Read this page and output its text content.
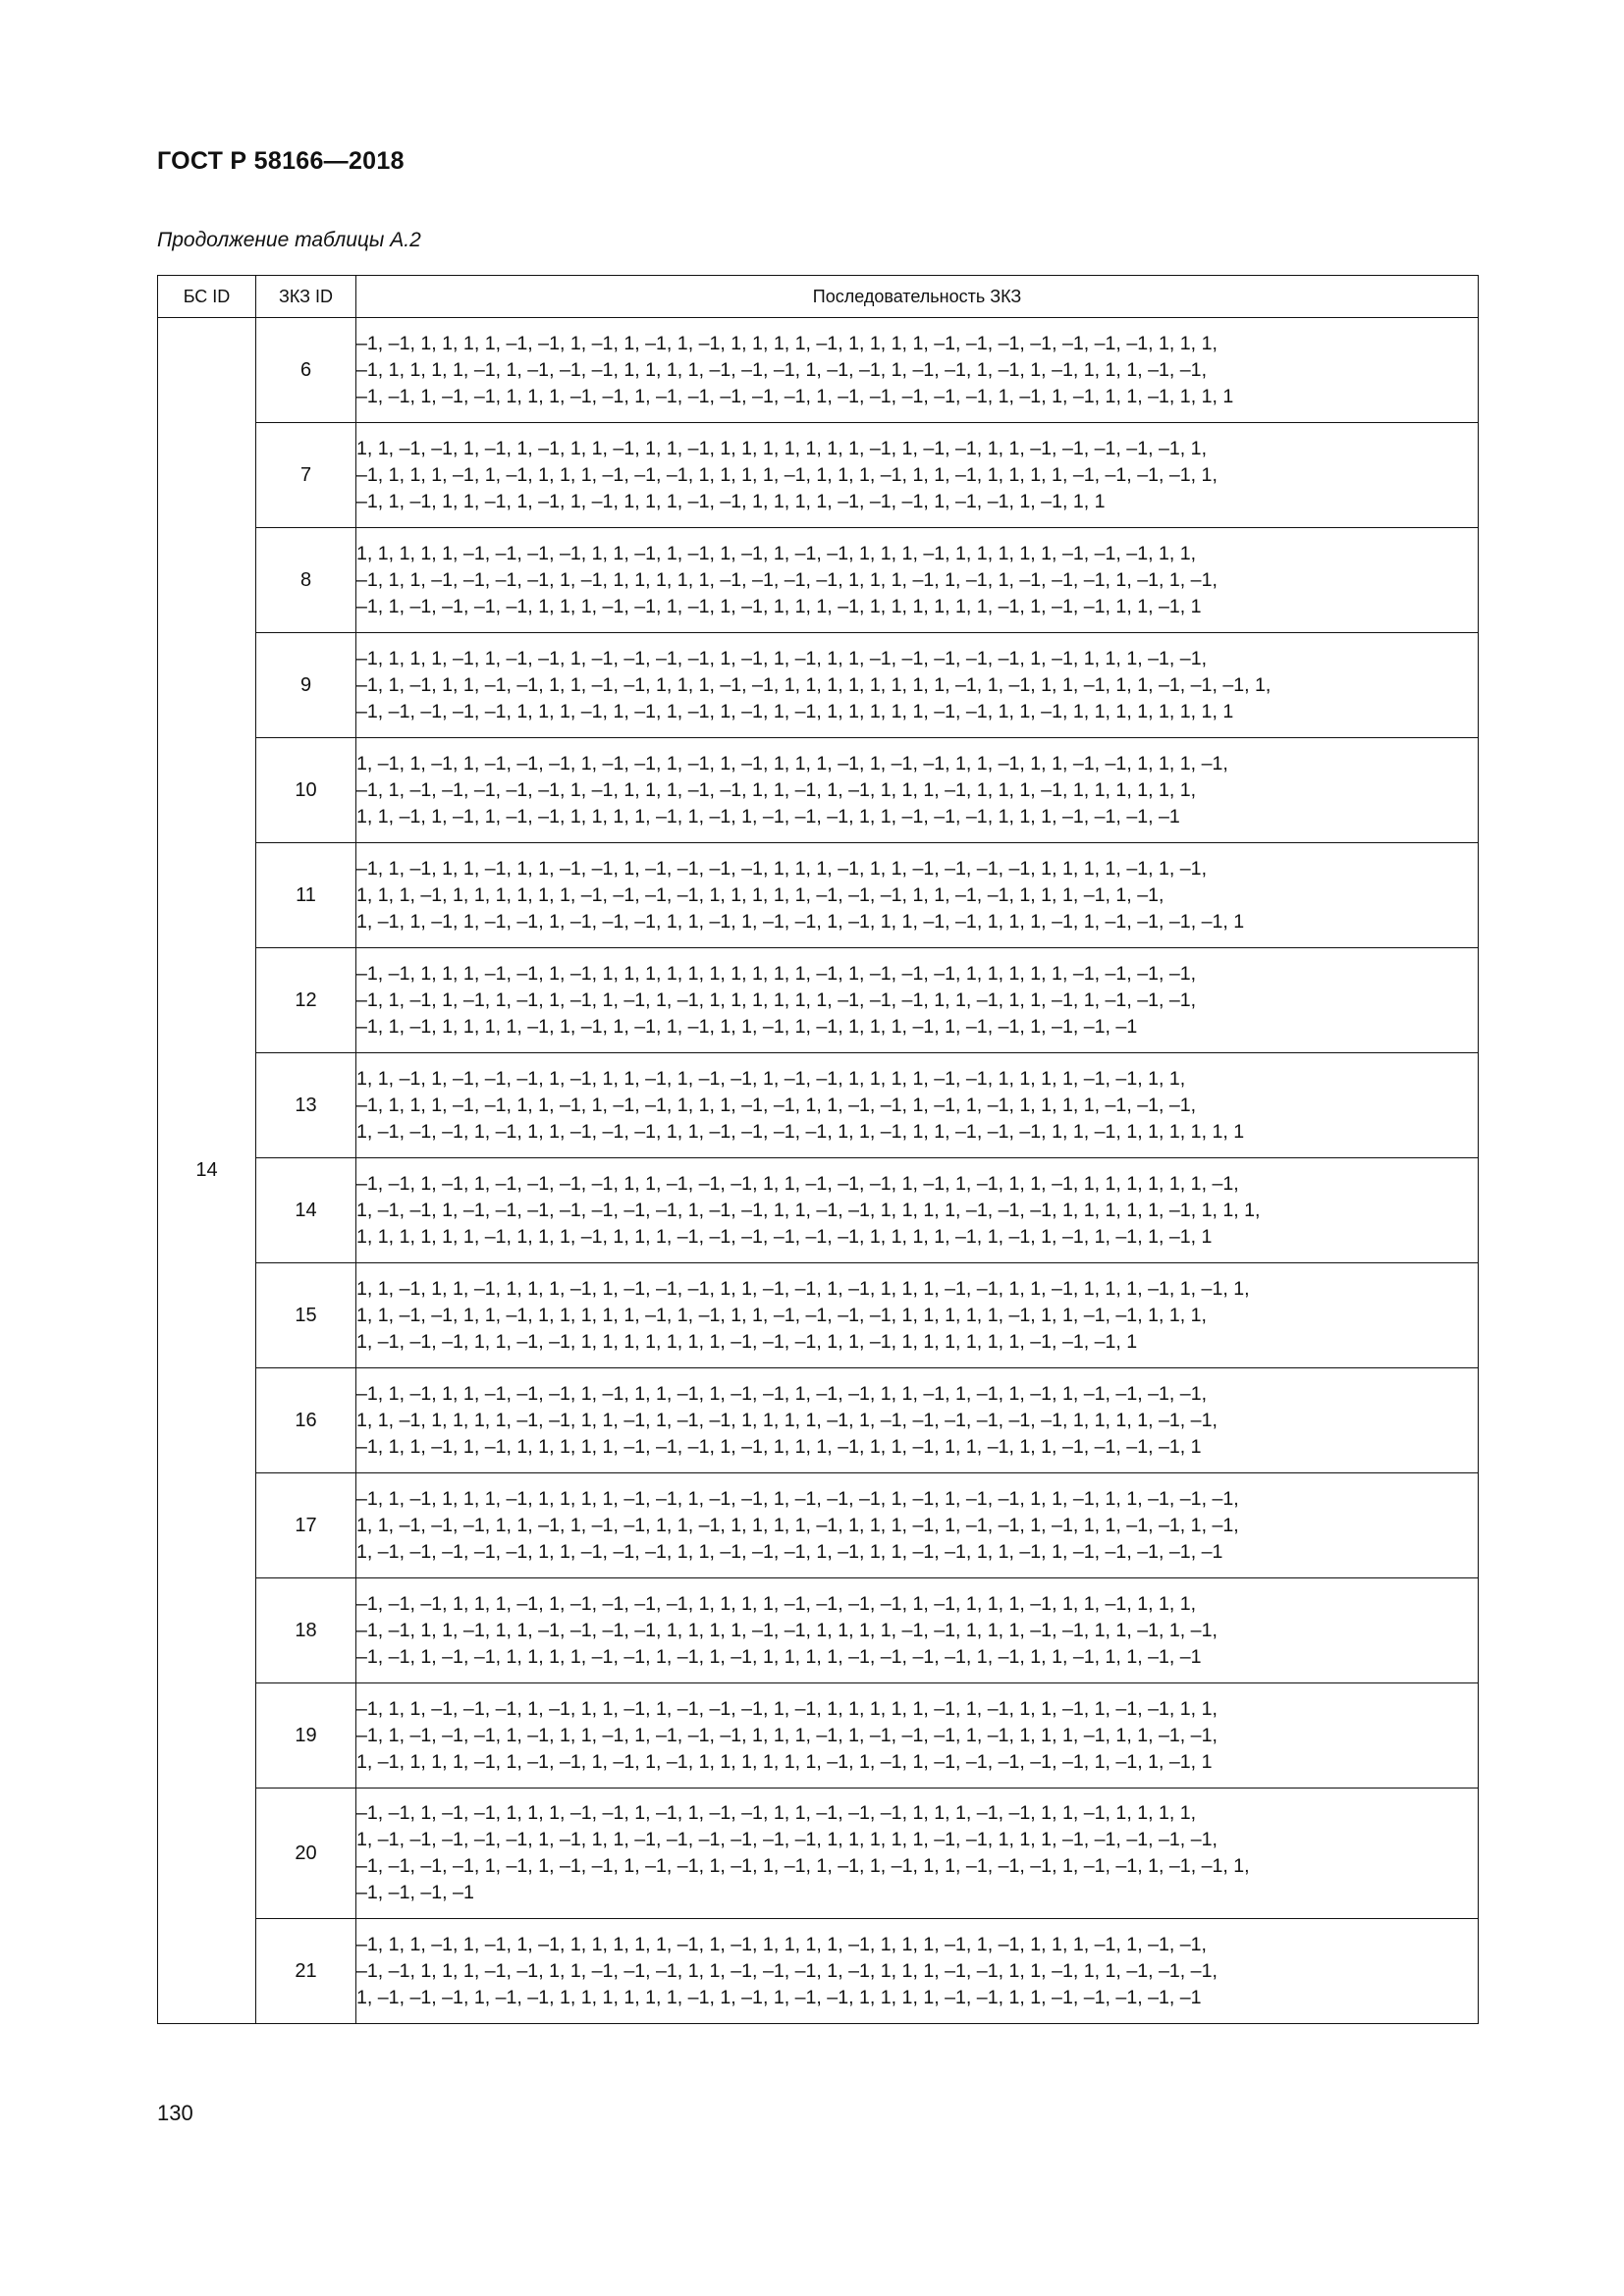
ГОСТ Р 58166—2018
Продолжение таблицы А.2
БС ID	ЗКЗ ID	Последовательность ЗКЗ
14	6	–1, –1, 1, 1, 1, 1, –1, –1, 1, –1, 1, –1, 1, –1, 1, 1, 1, 1, –1, 1, 1, 1, 1, –1, –1, –1, –1, –1, –1, –1, 1, 1, 1,
–1, 1, 1, 1, 1, –1, 1, –1, –1, –1, 1, 1, 1, 1, –1, –1, –1, 1, –1, –1, 1, –1, –1, 1, –1, 1, –1, 1, 1, 1, –1, –1,
–1, –1, 1, –1, –1, 1, 1, 1, –1, –1, 1, –1, –1, –1, –1, –1, 1, –1, –1, –1, –1, –1, 1, –1, 1, –1, 1, 1, –1, 1, 1, 1

	7	1, 1, –1, –1, 1, –1, 1, –1, 1, 1, –1, 1, 1, –1, 1, 1, 1, 1, 1, 1, 1, –1, 1, –1, –1, 1, 1, –1, –1, –1, –1, –1, 1,
–1, 1, 1, 1, –1, 1, –1, 1, 1, 1, –1, –1, –1, 1, 1, 1, 1, –1, 1, 1, 1, –1, 1, 1, –1, 1, 1, 1, 1, –1, –1, –1, –1, 1,
–1, 1, –1, 1, 1, –1, 1, –1, 1, –1, 1, 1, 1, –1, –1, 1, 1, 1, 1, –1, –1, –1, 1, –1, –1, 1, –1, 1, 1

	8	1, 1, 1, 1, 1, –1, –1, –1, –1, 1, 1, –1, 1, –1, 1, –1, 1, –1, –1, 1, 1, 1, –1, 1, 1, 1, 1, 1, –1, –1, –1, 1, 1,
–1, 1, 1, –1, –1, –1, –1, 1, –1, 1, 1, 1, 1, 1, –1, –1, –1, –1, 1, 1, 1, –1, 1, –1, 1, –1, –1, –1, 1, –1, 1, –1,
–1, 1, –1, –1, –1, –1, 1, 1, 1, –1, –1, 1, –1, 1, –1, 1, 1, 1, –1, 1, 1, 1, 1, 1, 1, –1, 1, –1, –1, 1, 1, –1, 1

	9	–1, 1, 1, 1, –1, 1, –1, –1, 1, –1, –1, –1, –1, 1, –1, 1, –1, 1, 1, –1, –1, –1, –1, –1, 1, –1, 1, 1, 1, –1, –1,
–1, 1, –1, 1, 1, –1, –1, 1, 1, –1, –1, 1, 1, 1, –1, –1, 1, 1, 1, 1, 1, 1, 1, 1, –1, 1, –1, 1, 1, –1, 1, 1, –1, –1, –1, 1,
–1, –1, –1, –1, –1, 1, 1, 1, –1, 1, –1, 1, –1, 1, –1, 1, –1, 1, 1, 1, 1, 1, –1, –1, 1, 1, –1, 1, 1, 1, 1, 1, 1, 1, 1

	10	1, –1, 1, –1, 1, –1, –1, –1, 1, –1, –1, 1, –1, 1, –1, 1, 1, 1, –1, 1, –1, –1, 1, 1, –1, 1, 1, –1, –1, 1, 1, 1, –1,
–1, 1, –1, –1, –1, –1, –1, 1, –1, 1, 1, 1, –1, –1, 1, 1, –1, 1, –1, 1, 1, 1, –1, 1, 1, 1, –1, 1, 1, 1, 1, 1, 1,
1, 1, –1, 1, –1, 1, –1, –1, 1, 1, 1, 1, –1, 1, –1, 1, –1, –1, –1, 1, 1, –1, –1, –1, 1, 1, 1, –1, –1, –1, –1

	11	–1, 1, –1, 1, 1, –1, 1, 1, –1, –1, 1, –1, –1, –1, –1, 1, 1, 1, –1, 1, 1, –1, –1, –1, –1, 1, 1, 1, 1, –1, 1, –1,
1, 1, 1, –1, 1, 1, 1, 1, 1, 1, –1, –1, –1, –1, 1, 1, 1, 1, 1, –1, –1, –1, 1, 1, –1, –1, 1, 1, 1, –1, 1, –1,
1, –1, 1, –1, 1, –1, –1, 1, –1, –1, –1, 1, 1, –1, 1, –1, –1, 1, –1, 1, 1, –1, –1, 1, 1, 1, –1, 1, –1, –1, –1, –1, 1

	12	–1, –1, 1, 1, 1, –1, –1, 1, –1, 1, 1, 1, 1, 1, 1, 1, 1, 1, 1, –1, 1, –1, –1, –1, 1, 1, 1, 1, 1, –1, –1, –1, –1,
–1, 1, –1, 1, –1, 1, –1, 1, –1, 1, –1, 1, –1, 1, 1, 1, 1, 1, 1, –1, –1, –1, 1, 1, –1, 1, 1, –1, 1, –1, –1, –1,
–1, 1, –1, 1, 1, 1, 1, –1, 1, –1, 1, –1, 1, –1, 1, 1, –1, 1, –1, 1, 1, 1, –1, 1, –1, –1, 1, –1, –1, –1

	13	1, 1, –1, 1, –1, –1, –1, 1, –1, 1, 1, –1, 1, –1, –1, 1, –1, –1, 1, 1, 1, 1, –1, –1, 1, 1, 1, 1, –1, –1, 1, 1,
–1, 1, 1, 1, –1, –1, 1, 1, –1, 1, –1, –1, 1, 1, 1, –1, –1, 1, 1, –1, –1, 1, –1, 1, –1, 1, 1, 1, 1, –1, –1, –1,
1, –1, –1, –1, 1, –1, 1, 1, –1, –1, –1, 1, 1, –1, –1, –1, –1, 1, 1, –1, 1, 1, –1, –1, –1, 1, 1, –1, 1, 1, 1, 1, 1, 1

	14	–1, –1, 1, –1, 1, –1, –1, –1, –1, 1, 1, –1, –1, –1, 1, 1, –1, –1, –1, 1, –1, 1, –1, 1, 1, –1, 1, 1, 1, 1, 1, 1, –1,
1, –1, –1, 1, –1, –1, –1, –1, –1, –1, –1, 1, –1, –1, 1, 1, –1, –1, 1, 1, 1, 1, –1, –1, –1, 1, 1, 1, 1, 1, –1, 1, 1, 1,
1, 1, 1, 1, 1, 1, –1, 1, 1, 1, –1, 1, 1, 1, –1, –1, –1, –1, –1, –1, 1, 1, 1, 1, –1, 1, –1, 1, –1, 1, –1, 1, –1, 1

	15	1, 1, –1, 1, 1, –1, 1, 1, 1, –1, 1, –1, –1, –1, 1, 1, –1, –1, 1, –1, 1, 1, 1, –1, –1, 1, 1, –1, 1, 1, 1, –1, 1, –1, 1,
1, 1, –1, –1, 1, 1, –1, 1, 1, 1, 1, 1, –1, 1, –1, 1, 1, –1, –1, –1, –1, 1, 1, 1, 1, 1, –1, 1, 1, –1, –1, 1, 1, 1,
1, –1, –1, –1, 1, 1, –1, –1, 1, 1, 1, 1, 1, 1, 1, –1, –1, –1, 1, 1, –1, 1, 1, 1, 1, 1, 1, –1, –1, –1, 1

	16	–1, 1, –1, 1, 1, –1, –1, –1, 1, –1, 1, 1, –1, 1, –1, –1, 1, –1, –1, 1, 1, –1, 1, –1, 1, –1, 1, –1, –1, –1, –1,
1, 1, –1, 1, 1, 1, 1, –1, –1, 1, 1, –1, 1, –1, –1, 1, 1, 1, 1, –1, 1, –1, –1, –1, –1, –1, –1, 1, 1, 1, 1, –1, –1,
–1, 1, 1, –1, 1, –1, 1, 1, 1, 1, 1, –1, –1, –1, 1, –1, 1, 1, 1, –1, 1, 1, –1, 1, 1, –1, 1, 1, –1, –1, –1, –1, 1

	17	–1, 1, –1, 1, 1, 1, –1, 1, 1, 1, 1, –1, –1, 1, –1, –1, 1, –1, –1, –1, 1, –1, 1, –1, –1, 1, 1, –1, 1, 1, –1, –1, –1,
1, 1, –1, –1, –1, 1, 1, –1, 1, –1, –1, 1, 1, –1, 1, 1, 1, 1, –1, 1, 1, 1, –1, 1, –1, –1, 1, –1, 1, 1, –1, –1, 1, –1,
1, –1, –1, –1, –1, –1, 1, 1, –1, –1, –1, 1, 1, –1, –1, –1, 1, –1, 1, 1, –1, –1, 1, 1, –1, 1, –1, –1, –1, –1, –1

	18	–1, –1, –1, 1, 1, 1, –1, 1, –1, –1, –1, –1, 1, 1, 1, 1, –1, –1, –1, –1, 1, –1, 1, 1, 1, –1, 1, 1, –1, 1, 1, 1,
–1, –1, 1, 1, –1, 1, 1, –1, –1, –1, –1, 1, 1, 1, 1, –1, –1, 1, 1, 1, 1, –1, –1, 1, 1, 1, –1, –1, 1, 1, –1, 1, –1,
–1, –1, 1, –1, –1, 1, 1, 1, 1, –1, –1, 1, –1, 1, –1, 1, 1, 1, 1, –1, –1, –1, –1, 1, –1, 1, 1, –1, 1, 1, –1, –1

	19	–1, 1, 1, –1, –1, –1, 1, –1, 1, 1, –1, 1, –1, –1, –1, 1, –1, 1, 1, 1, 1, 1, –1, 1, –1, 1, 1, –1, 1, –1, –1, 1, 1,
–1, 1, –1, –1, –1, 1, –1, 1, 1, –1, 1, –1, –1, –1, 1, 1, 1, –1, 1, –1, –1, –1, 1, –1, 1, 1, 1, –1, 1, 1, –1, –1,
1, –1, 1, 1, 1, –1, 1, –1, –1, 1, –1, 1, –1, 1, 1, 1, 1, 1, 1, –1, 1, –1, 1, –1, –1, –1, –1, –1, 1, –1, 1, –1, 1

	20	–1, –1, 1, –1, –1, 1, 1, 1, –1, –1, 1, –1, 1, –1, –1, 1, 1, –1, –1, –1, 1, 1, 1, –1, –1, 1, 1, –1, 1, 1, 1, 1,
1, –1, –1, –1, –1, –1, 1, –1, 1, 1, –1, –1, –1, –1, –1, –1, 1, 1, 1, 1, 1, –1, –1, 1, 1, 1, –1, –1, –1, –1, –1,
–1, –1, –1, –1, 1, –1, 1, –1, –1, 1, –1, –1, 1, –1, 1, –1, 1, –1, 1, –1, 1, 1, –1, –1, –1, 1, –1, –1, 1, –1, –1, 1,
–1, –1, –1, –1

	21	–1, 1, 1, –1, 1, –1, 1, –1, 1, 1, 1, 1, 1, –1, 1, –1, 1, 1, 1, 1, –1, 1, 1, 1, –1, 1, –1, 1, 1, 1, –1, 1, –1, –1,
–1, –1, 1, 1, 1, –1, –1, 1, 1, –1, –1, –1, 1, 1, –1, –1, –1, 1, –1, 1, 1, 1, –1, –1, 1, 1, –1, 1, 1, –1, –1, –1,
1, –1, –1, –1, 1, –1, –1, 1, 1, 1, 1, 1, 1, –1, 1, –1, 1, –1, –1, 1, 1, 1, 1, –1, –1, 1, 1, –1, –1, –1, –1, –1
130
